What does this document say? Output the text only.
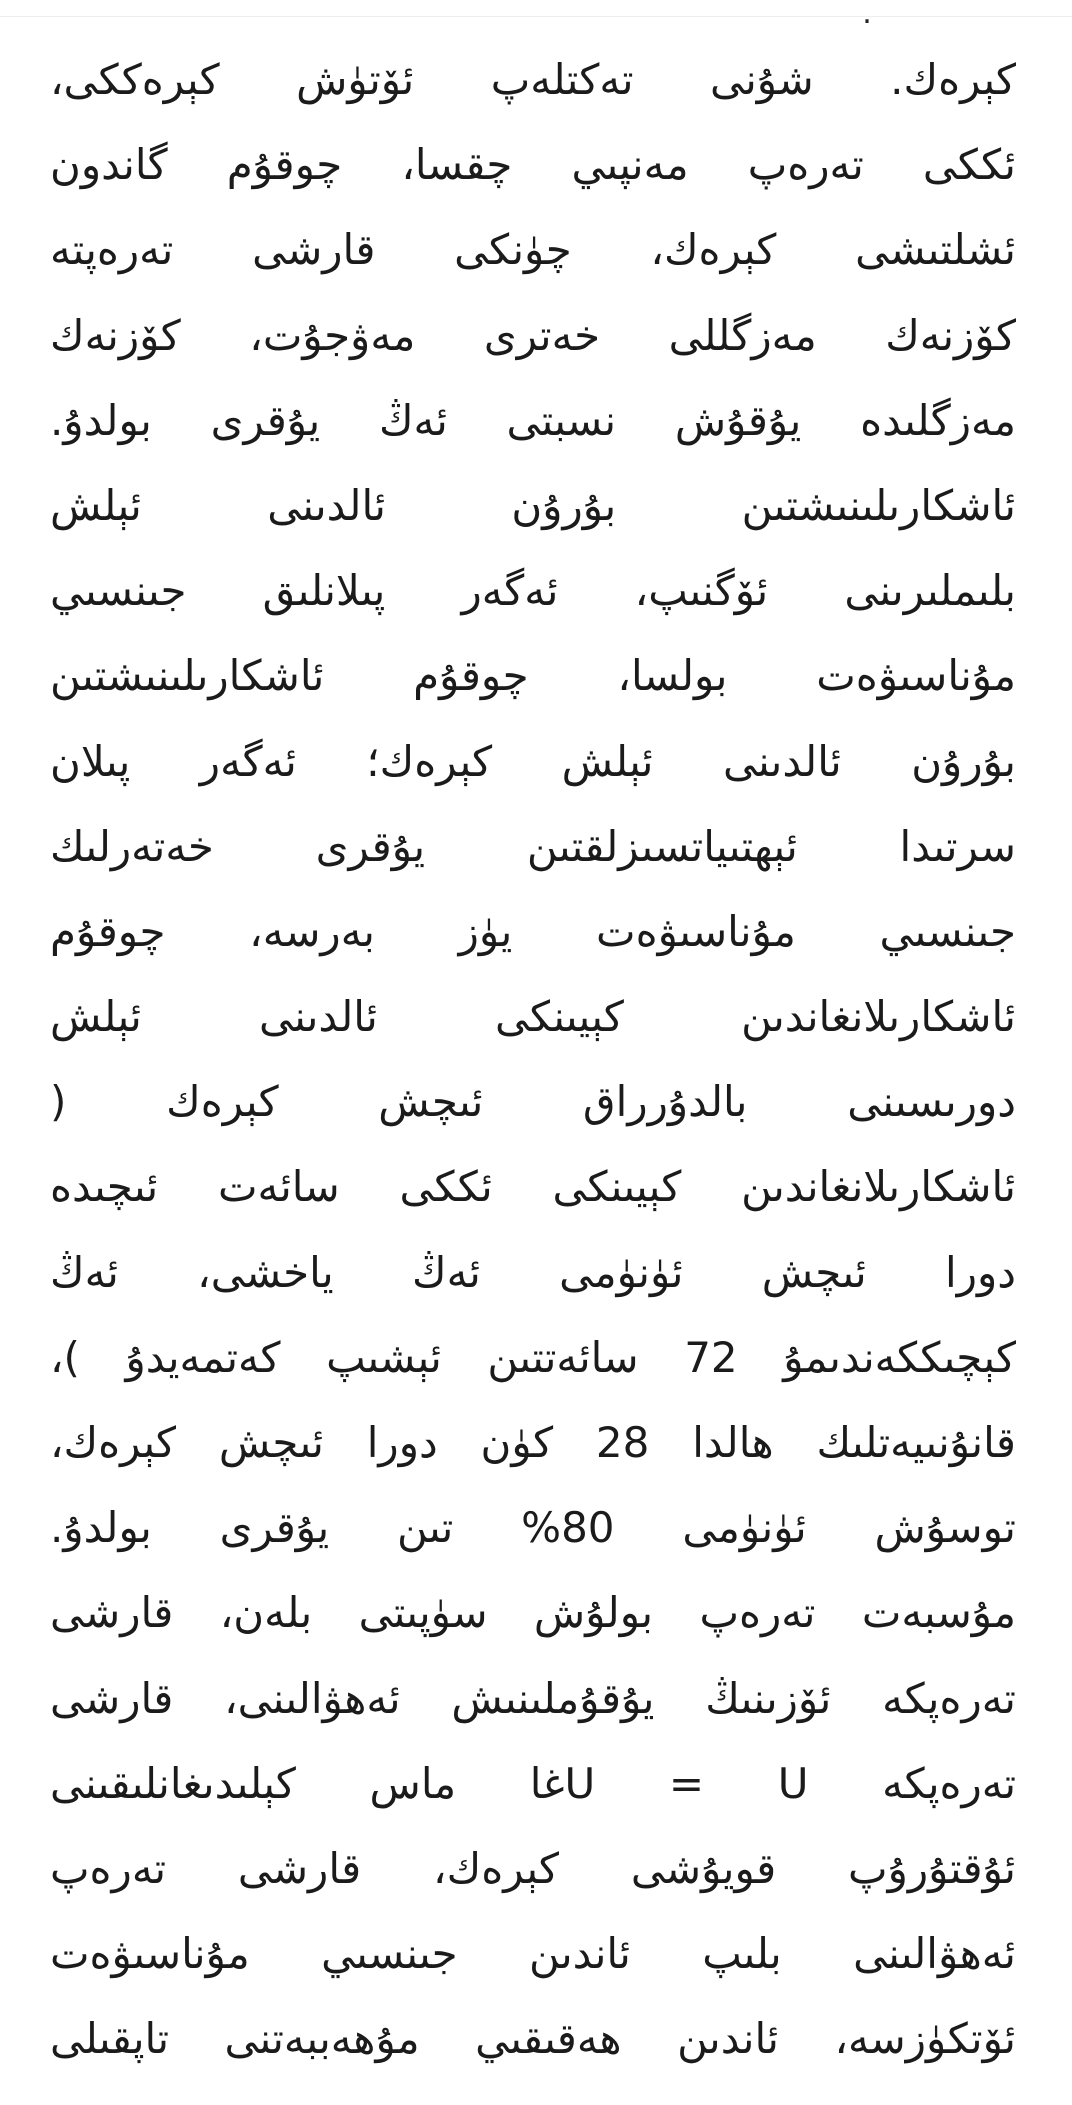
.
كېرەك. شۇنى تەكتلەپ ئۆتۈش كېرەككى،
ئككى تەرەپ مەنپىي چقسا، چوقۇم گاندون
ئشلتىشى كېرەك، چۈنكى قارشى تەرەپتە
كۆزنەك مەزگللى خەترى مەۋجۇت، كۆزنەك
مەزگلىدە يۇقۇش نسبتى ئەڭ يۇقرى بولدۇ.
ئاشكارىلىنىشتىن بۇرۇن ئالدىنى ئېلش
بلىملىرىنى ئۆگنىپ، ئەگەر پىلانلىق جىنسىي
مۇناسىۋەت بولسا، چوقۇم ئاشكارىلىنىشتىن
بۇرۇن ئالدىنى ئېلش كېرەك؛ ئەگەر پىلان
سرتىدا ئېھتىياتسىزلقتىن يۇقرى خەتەرلىك
جىنسىي مۇناسىۋەت يۈز بەرسە، چوقۇم
ئاشكارىلانغاندىن كېيىنكى ئالدىنى ئېلش
دورىسىنى بالدۇرراق ئىچش كېرەك (
ئاشكارىلانغاندىن كېيىنكى ئككى سائەت ئىچىدە
دورا ئىچش ئۈنۈمى ئەڭ ياخشى، ئەڭ
كېچىككەندىمۇ 72 سائەتتىن ئېشىپ كەتمەيدۇ )،
قانۇنىيەتلىك ھالدا 28 كۈن دورا ئىچش كېرەك،
توسۇش ئۈنۈمى 80% تىن يۇقرى بولدۇ.
مۇسبەت تەرەپ بولۇش سۈپىتى بلەن، قارشى
تەرەپكە ئۆزىنىڭ يۇقۇملىنىش ئەھۋالىنى، قارشى
تەرەپكە U = Uغا ماس كېلىدىغانلىقىنى
ئۇقتۇرۇپ قويۇشى كېرەك، قارشى تەرەپ
ئەھۋالىنى بلىپ ئاندىن جىنسىي مۇناسىۋەت
ئۆتكۈزسە، ئاندىن ھەقىقىي مۇھەببەتنى تاپقىلى
